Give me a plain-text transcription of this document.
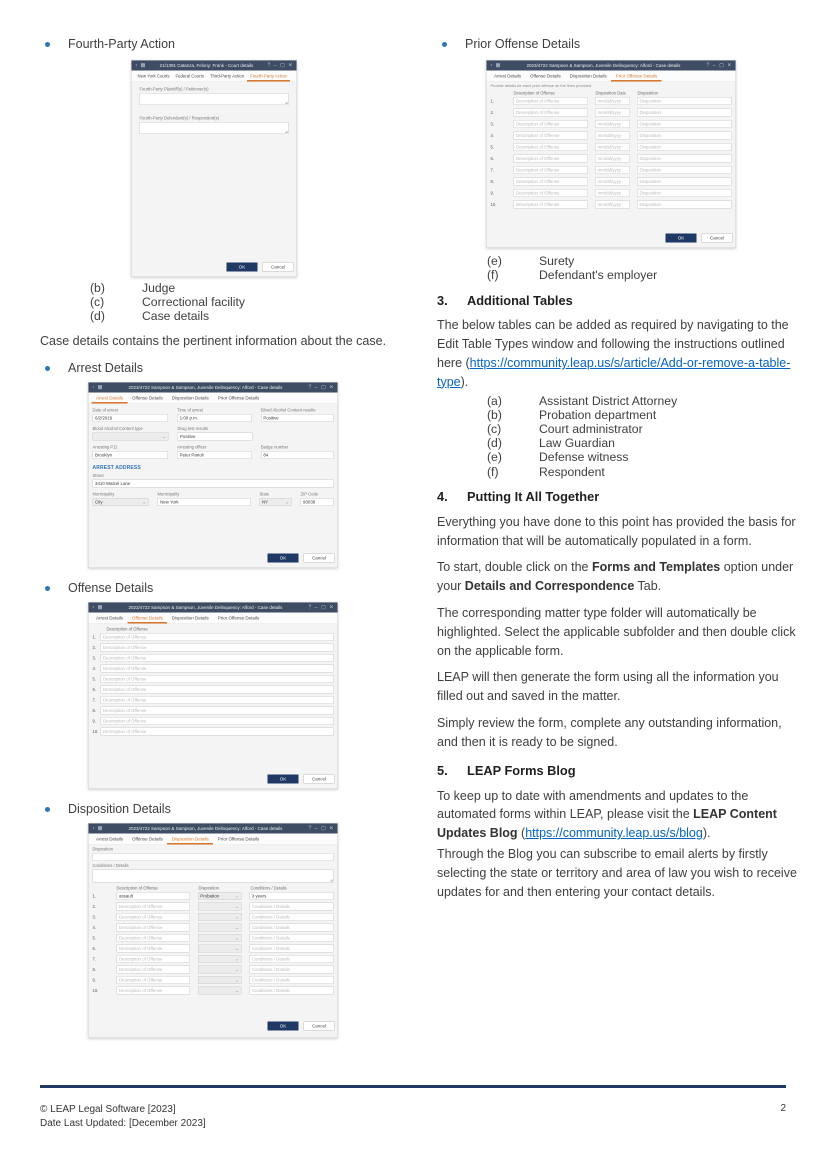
Fourth-Party Action
‹ ▦	21/1391 Catanza, Felony: Frank - Court details	? – ▢ ✕
New York Courts Federal Courts Third-Party Action Fourth-Party Action
Fourth-Party Plaintiff(s) / Petitioner(s)
Fourth-Party Defendant(s) / Respondent(s)
OK	Cancel
(b)	Judge
(c)	Correctional facility
(d)	Case details
Case details contains the pertinent information about the case.
Arrest Details
‹ ▦	2023/4722 Sampson & Sampson, Juvenile Delinquency: Alford - Case details	? – ▢ ✕
Arrest Details	Offense Details	Disposition Details	Prior Offense Details
Date of arrest
6/2/2019
Time of arrest
1:00 p.m.
Blood Alcohol Content results
Positive
Blood Alcohol Content type
⌄
Drug test results
Positive
Arresting P.D.
Brooklyn
Arresting officer
Peter Parioli
Badge number
84
ARREST ADDRESS
Street
3410 Watzel Lane
Municipality
City	⌄
Municipality
New York
State
NY ⌄
ZIP Code
90038
OK	Cancel
Offense Details
‹ ▦	2023/4722 Sampson & Sampson, Juvenile Delinquency: Alford - Case details	? – ▢ ✕
Arrest Details	Offense Details	Disposition Details	Prior Offense Details
Description of Offense
1. Description of Offense
2. Description of Offense
3. Description of Offense
4. Description of Offense
5. Description of Offense
6. Description of Offense
7. Description of Offense
8. Description of Offense
9. Description of Offense
10. Description of Offense
OK	Cancel
Disposition Details
‹ ▦	2023/4722 Sampson & Sampson, Juvenile Delinquency: Alford - Case details	? – ▢ ✕
Arrest Details	Offense Details	Disposition Details	Prior Offense Details
Disposition
Conditions / Details
Description of Offense	Disposition	Conditions / Details
1.	assault	Probation ⌄ 3 years
2.	Description of Offense	⌄ Conditions / Details
3.	Description of Offense	⌄ Conditions / Details
4.	Description of Offense	⌄ Conditions / Details
5.	Description of Offense	⌄ Conditions / Details
6.	Description of Offense	⌄ Conditions / Details
7.	Description of Offense	⌄ Conditions / Details
8.	Description of Offense	⌄ Conditions / Details
9.	Description of Offense	⌄ Conditions / Details
10. Description of Offense	⌄ Conditions / Details
OK	Cancel
Prior Offense Details
‹ ▦	2023/4722 Sampson & Sampson, Juvenile Delinquency: Alford - Case details	? – ▢ ✕
Arrest Details	Offense Details	Disposition Details	Prior Offense Details
Provide details for each prior offense on the lines provided
Description of Offense	Disposition Date	Disposition
1.	Description of Offense	mm/dd/yyyy	Disposition
2.	Description of Offense	mm/dd/yyyy	Disposition
3.	Description of Offense	mm/dd/yyyy	Disposition
4.	Description of Offense	mm/dd/yyyy	Disposition
5.	Description of Offense	mm/dd/yyyy	Disposition
6.	Description of Offense	mm/dd/yyyy	Disposition
7.	Description of Offense	mm/dd/yyyy	Disposition
8.	Description of Offense	mm/dd/yyyy	Disposition
9.	Description of Offense	mm/dd/yyyy	Disposition
10. Description of Offense	mm/dd/yyyy	Disposition
OK	Cancel
(e)	Surety
(f)	Defendant's employer
3.	Additional Tables
The below tables can be added as required by navigating to the Edit Table Types window and following the instructions outlined here (https://community.leap.us/s/article/Add-or-remove-a-table-type).
(a)	Assistant District Attorney
(b)	Probation department
(c)	Court administrator
(d)	Law Guardian
(e)	Defense witness
(f)	Respondent
4.	Putting It All Together
Everything you have done to this point has provided the basis for information that will be automatically populated in a form.
To start, double click on the Forms and Templates option under your Details and Correspondence Tab.
The corresponding matter type folder will automatically be highlighted. Select the applicable subfolder and then double click on the applicable form.
LEAP will then generate the form using all the information you filled out and saved in the matter.
Simply review the form, complete any outstanding information, and then it is ready to be signed.
5.	LEAP Forms Blog
To keep up to date with amendments and updates to the automated forms within LEAP, please visit the LEAP Content Updates Blog (https://community.leap.us/s/blog).
Through the Blog you can subscribe to email alerts by firstly selecting the state or territory and area of law you wish to receive updates for and then entering your contact details.
© LEAP Legal Software [2023]
Date Last Updated: [December 2023]
2
